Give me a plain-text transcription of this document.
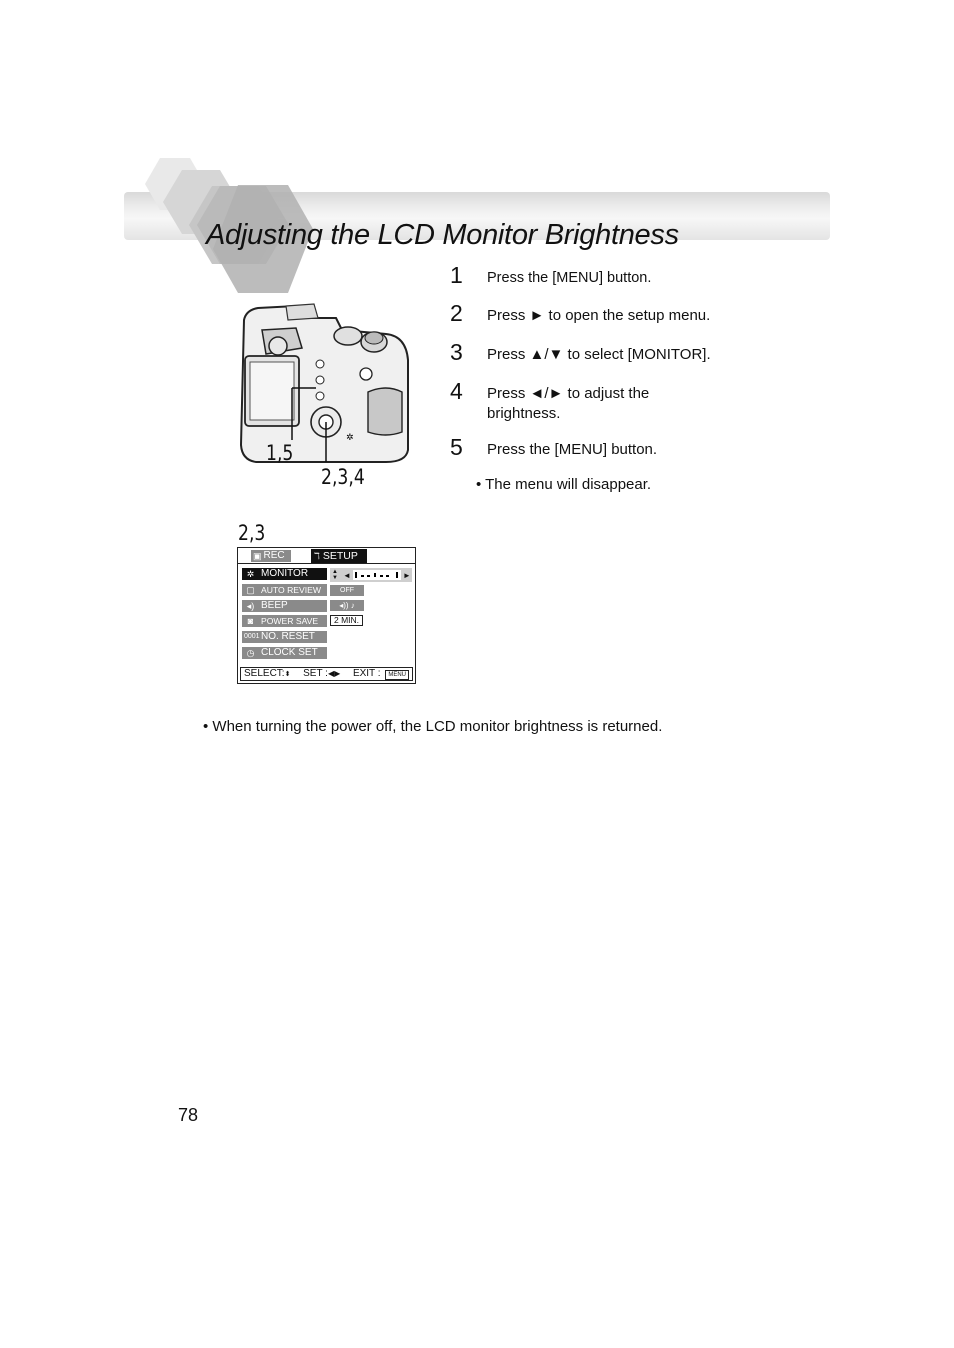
Adjusting the LCD Monitor Brightness
✲
1,5
2,3,4
1 Press the [MENU] button.
2 Press ► to open the setup menu.
3 Press ▲/▼ to select [MONITOR].
4 Press ◄/► to adjust the brightness.
5 Press the [MENU] button.
• The menu will disappear.
2,3
▣ REC	ℸ SETUP
✲ MONITOR	▲
▼ ◄	►
▢ AUTO REVIEW	OFF
◂) BEEP	◂)) ♪
◙ POWER SAVE	2 MIN.
0001 NO. RESET
◷ CLOCK SET
SELECT:⬍ SET :◀▶ EXIT : MENU
• When turning the power off, the LCD monitor brightness is returned.
78
